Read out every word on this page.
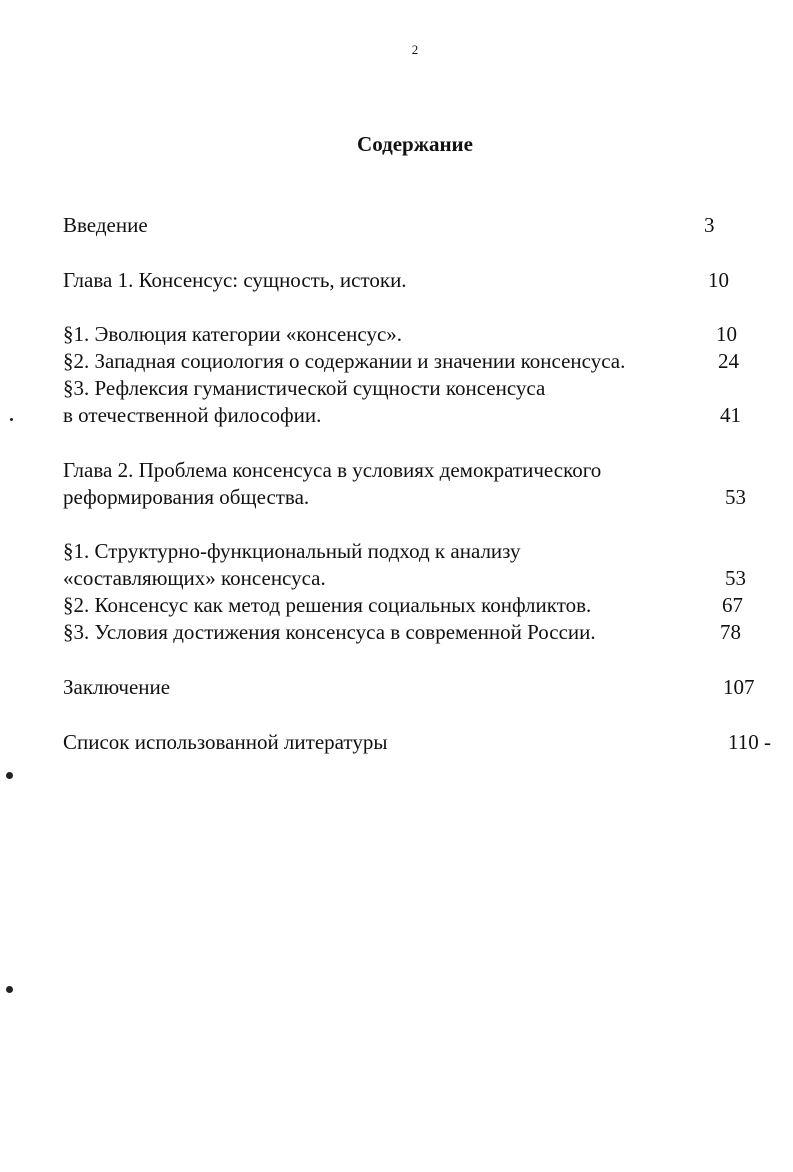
2
Содержание
Введение	3
Глава 1. Консенсус: сущность, истоки.	10
§1. Эволюция категории «консенсус».	10
§2. Западная социология о содержании и значении консенсуса.	24
§3. Рефлексия гуманистической сущности консенсуса
в отечественной философии.	41
Глава 2. Проблема консенсуса в условиях демократического
реформирования общества.	53
§1. Структурно-функциональный подход к анализу
«составляющих» консенсуса.	53
§2. Консенсус как метод решения социальных конфликтов.	67
§3. Условия достижения консенсуса в современной России.	78
Заключение	107
Список использованной литературы	110 -
